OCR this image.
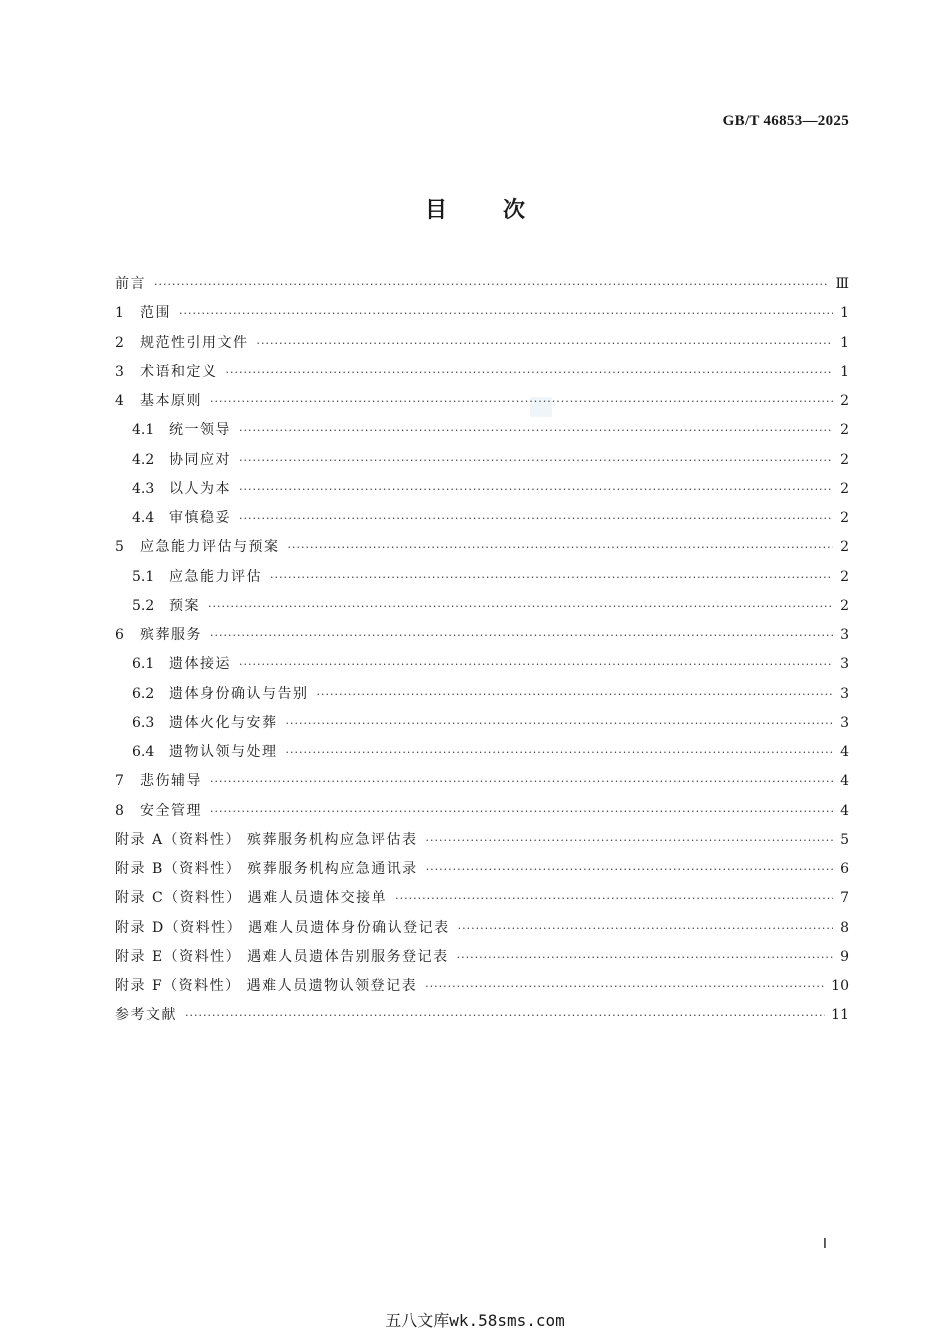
GB/T 46853—2025
目次
前言 ·····	Ⅲ
1	范围 ·····	1
2	规范性引用文件 ·····	1
3	术语和定义 ·····	1
4	基本原则 ·····	2
4.1	统一领导 ·····	2
4.2	协同应对 ·····	2
4.3	以人为本 ·····	2
4.4	审慎稳妥 ·····	2
5	应急能力评估与预案 ·····	2
5.1	应急能力评估 ·····	2
5.2	预案 ·····	2
6	殡葬服务 ·····	3
6.1	遗体接运 ·····	3
6.2	遗体身份确认与告别 ·····	3
6.3	遗体火化与安葬 ·····	3
6.4	遗物认领与处理 ·····	4
7	悲伤辅导 ·····	4
8	安全管理 ·····	4
附录 A（资料性） 殡葬服务机构应急评估表 ·····	5
附录 B（资料性） 殡葬服务机构应急通讯录 ·····	6
附录 C（资料性） 遇难人员遗体交接单 ·····	7
附录 D（资料性） 遇难人员遗体身份确认登记表 ·····	8
附录 E（资料性） 遇难人员遗体告别服务登记表 ·····	9
附录 F（资料性） 遇难人员遗物认领登记表 ·····	10
参考文献 ·····	11
Ⅰ
五八文库wk.58sms.com
